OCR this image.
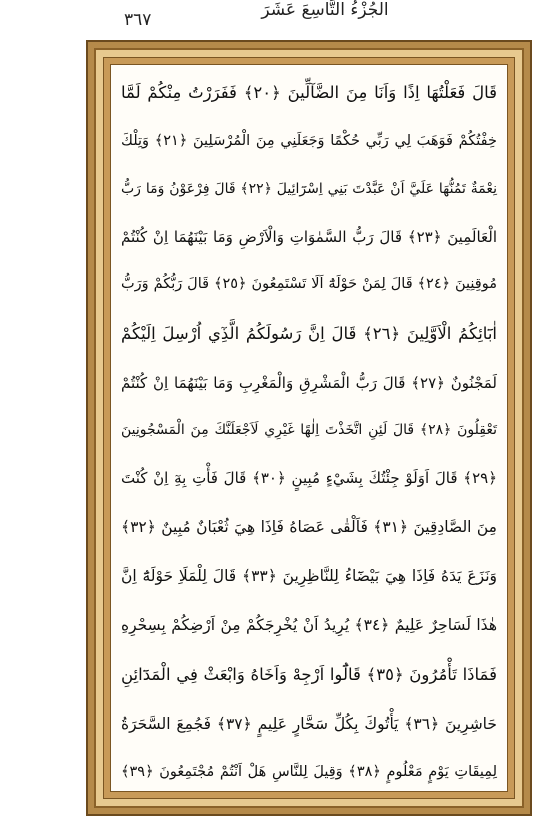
٣٦٧	الجُزْءُ التَّاسِعَ عَشَرَ
قَالَ فَعَلْتُهَا اِذًا وَاَنَا مِنَ الضَّآلِّينَ ﴿٢٠﴾ فَفَرَرْتُ مِنْكُمْ لَمَّا
خِفْتُكُمْ فَوَهَبَ لِي رَبِّي حُكْمًا وَجَعَلَنِي مِنَ الْمُرْسَلِينَ ﴿٢١﴾ وَتِلْكَ
نِعْمَةٌ تَمُنُّهَا عَلَيَّ اَنْ عَبَّدْتَ بَنِي اِسْرَٓائِيلَ ﴿٢٢﴾ قَالَ فِرْعَوْنُ وَمَا رَبُّ
الْعَالَمِينَ ﴿٢٣﴾ قَالَ رَبُّ السَّمٰوَاتِ وَالْاَرْضِ وَمَا بَيْنَهُمَا اِنْ كُنْتُمْ
مُوقِنِينَ ﴿٢٤﴾ قَالَ لِمَنْ حَوْلَهُٓ اَلَا تَسْتَمِعُونَ ﴿٢٥﴾ قَالَ رَبُّكُمْ وَرَبُّ
اٰبَٓائِكُمُ الْاَوَّلِينَ ﴿٢٦﴾ قَالَ اِنَّ رَسُولَكُمُ الَّذِٓي اُرْسِلَ اِلَيْكُمْ
لَمَجْنُونٌ ﴿٢٧﴾ قَالَ رَبُّ الْمَشْرِقِ وَالْمَغْرِبِ وَمَا بَيْنَهُمَا اِنْ كُنْتُمْ
تَعْقِلُونَ ﴿٢٨﴾ قَالَ لَئِنِ اتَّخَذْتَ اِلٰهًا غَيْرِي لَاَجْعَلَنَّكَ مِنَ الْمَسْجُونِينَ
﴿٢٩﴾ قَالَ اَوَلَوْ جِئْتُكَ بِشَيْءٍ مُبِينٍ ﴿٣٠﴾ قَالَ فَأْتِ بِهِٓ اِنْ كُنْتَ
مِنَ الصَّادِقِينَ ﴿٣١﴾ فَاَلْقٰى عَصَاهُ فَاِذَا هِيَ ثُعْبَانٌ مُبِينٌ ﴿٣٢﴾
وَنَزَعَ يَدَهُ فَاِذَا هِيَ بَيْضَٓاءُ لِلنَّاظِرِينَ ﴿٣٣﴾ قَالَ لِلْمَلَاِ حَوْلَهُٓ اِنَّ
هٰذَا لَسَاحِرٌ عَلِيمٌ ﴿٣٤﴾ يُرِيدُ اَنْ يُخْرِجَكُمْ مِنْ اَرْضِكُمْ بِسِحْرِهِ
فَمَاذَا تَأْمُرُونَ ﴿٣٥﴾ قَالُٓوا اَرْجِهْ وَاَخَاهُ وَابْعَثْ فِي الْمَدَٓائِنِ
حَاشِرِينَ ﴿٣٦﴾ يَأْتُوكَ بِكُلِّ سَحَّارٍ عَلِيمٍ ﴿٣٧﴾ فَجُمِعَ السَّحَرَةُ
لِمِيقَاتِ يَوْمٍ مَعْلُومٍ ﴿٣٨﴾ وَقِيلَ لِلنَّاسِ هَلْ اَنْتُمْ مُجْتَمِعُونَ ﴿٣٩﴾
